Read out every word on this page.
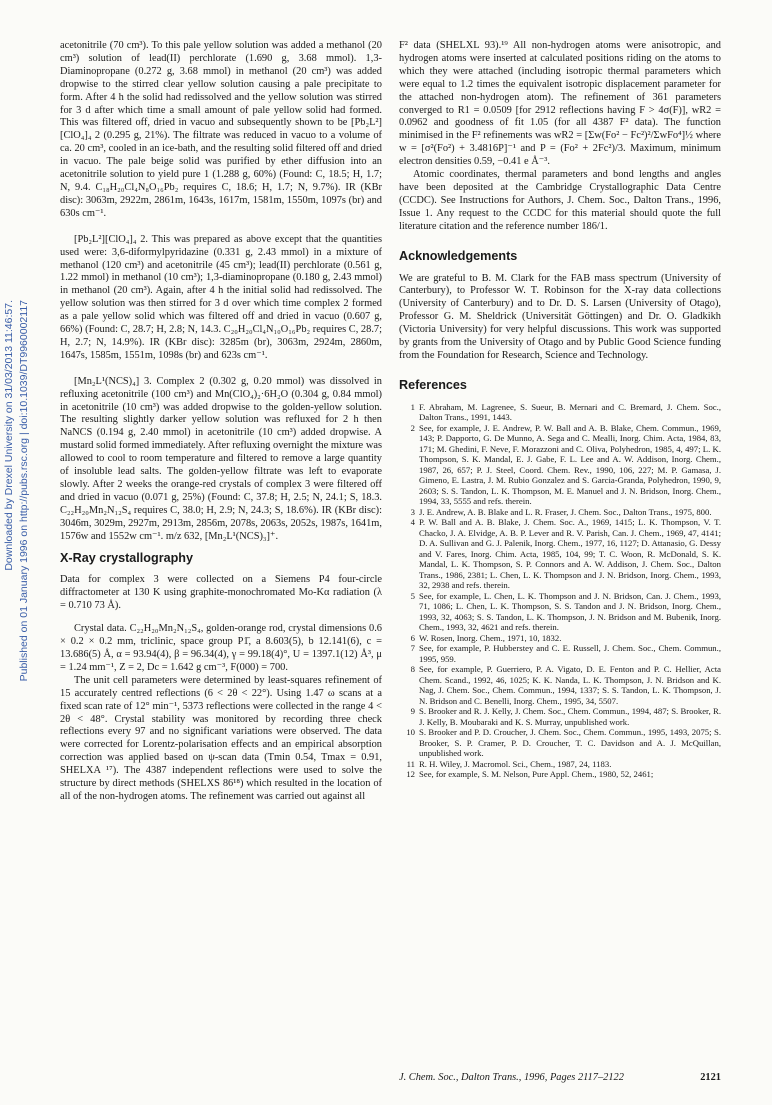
Downloaded by Drexel University on 31/03/2013 11:46:57. Published on 01 January 1996 on http://pubs.rsc.org | doi:10.1039/DT9960002117

acetonitrile (70 cm³). To this pale yellow solution was added a methanol (20 cm³) solution of lead(II) perchlorate (1.690 g, 3.68 mmol). 1,3-Diaminopropane (0.272 g, 3.68 mmol) in methanol (20 cm³) was added dropwise to the stirred clear yellow solution causing a pale precipitate to form. After 4 h the solid had redissolved and the yellow solution was stirred for 3 d after which time a small amount of pale yellow solid had formed. This was filtered off, dried in vacuo and subsequently shown to be [Pb₂L²][ClO₄]₄ 2 (0.295 g, 21%). The filtrate was reduced in vacuo to a volume of ca. 20 cm³, cooled in an ice-bath, and the resulting solid filtered off and dried in vacuo. The pale beige solid was purified by ether diffusion into an acetonitrile solution to yield pure 1 (1.288 g, 60%) (Found: C, 18.5; H, 1.7; N, 9.4. C₁₈H₂₀Cl₄N₈O₁₆Pb₂ requires C, 18.6; H, 1.7; N, 9.7%). IR (KBr disc): 3063m, 2922m, 2861m, 1643s, 1617m, 1581m, 1550m, 1097s (br) and 630s cm⁻¹.

[Pb₂L²][ClO₄]₄ 2. This was prepared as above except that the quantities used were: 3,6-diformylpyridazine (0.331 g, 2.43 mmol) in a mixture of methanol (120 cm³) and acetonitrile (45 cm³); lead(II) perchlorate (0.561 g, 1.22 mmol) in methanol (10 cm³); 1,3-diaminopropane (0.180 g, 2.43 mmol) in methanol (20 cm³). Again, after 4 h the initial solid had redissolved. The yellow solution was then stirred for 3 d over which time complex 2 formed as a pale yellow solid which was filtered off and dried in vacuo (0.607 g, 66%) (Found: C, 28.7; H, 2.8; N, 14.3. C₂₀H₂₀Cl₄N₁₀O₁₆Pb₂ requires C, 28.7; H, 2.7; N, 14.9%). IR (KBr disc): 3285m (br), 3063m, 2924m, 2860m, 1647s, 1585m, 1551m, 1098s (br) and 623s cm⁻¹.

[Mn₂L¹(NCS)₄] 3. Complex 2 (0.302 g, 0.20 mmol) was dissolved in refluxing acetonitrile (100 cm³) and Mn(ClO₄)₂·6H₂O (0.304 g, 0.84 mmol) in acetonitrile (10 cm³) was added dropwise to the golden-yellow solution. The resulting slightly darker yellow solution was refluxed for 2 h then NaNCS (0.194 g, 2.40 mmol) in acetonitrile (10 cm³) added dropwise. A mustard solid formed immediately. After refluxing overnight the mixture was allowed to cool to room temperature and filtered to remove a large quantity of insoluble lead salts. The golden-yellow filtrate was left to evaporate slowly. After 2 weeks the orange-red crystals of complex 3 were filtered off and dried in vacuo (0.071 g, 25%) (Found: C, 37.8; H, 2.5; N, 24.1; S, 18.3. C₂₂H₂₀Mn₂N₁₂S₄ requires C, 38.0; H, 2.9; N, 24.3; S, 18.6%). IR (KBr disc): 3046m, 3029m, 2927m, 2913m, 2856m, 2078s, 2063s, 2052s, 1987s, 1641m, 1576w and 1552w cm⁻¹. m/z 632, [Mn₂L¹(NCS)₃]⁺.

X-Ray crystallography

Data for complex 3 were collected on a Siemens P4 four-circle diffractometer at 130 K using graphite-monochromated Mo-Kα radiation (λ = 0.710 73 Å).

Crystal data. C₂₂H₂₀Mn₂N₁₂S₄, golden-orange rod, crystal dimensions 0.6 × 0.2 × 0.2 mm, triclinic, space group P1̄, a 8.603(5), b 12.141(6), c = 13.686(5) Å, α = 93.94(4), β = 96.34(4), γ = 99.18(4)°, U = 1397.1(12) Å³, μ = 1.24 mm⁻¹, Z = 2, Dc = 1.642 g cm⁻³, F(000) = 700.

The unit cell parameters were determined by least-squares refinement of 15 accurately centred reflections (6 < 2θ < 22°). Using 1.47 ω scans at a fixed scan rate of 12° min⁻¹, 5373 reflections were collected in the range 4 < 2θ < 48°. Crystal stability was monitored by recording three check reflections every 97 and no significant variations were observed. The data were corrected for Lorentz-polarisation effects and an empirical absorption correction was applied based on ψ-scan data (Tmin 0.54, Tmax = 0.91, SHELXA ¹⁷). The 4387 independent reflections were used to solve the structure by direct methods (SHELXS 86¹⁸) which resulted in the location of all of the non-hydrogen atoms. The refinement was carried out against all

F² data (SHELXL 93).¹⁹ All non-hydrogen atoms were anisotropic, and hydrogen atoms were inserted at calculated positions riding on the atoms to which they were attached (including isotropic thermal parameters which were equal to 1.2 times the equivalent isotropic displacement parameter for the attached non-hydrogen atom). The refinement of 361 parameters converged to R1 = 0.0509 [for 2912 reflections having F > 4σ(F)], wR2 = 0.0962 and goodness of fit 1.05 (for all 4387 F² data). The function minimised in the F² refinements was wR2 = [Σw(Fo² − Fc²)²/ΣwFo⁴]½ where w = [σ²(Fo²) + 3.4816P]⁻¹ and P = (Fo² + 2Fc²)/3. Maximum, minimum electron densities 0.59, −0.41 e Å⁻³.

Atomic coordinates, thermal parameters and bond lengths and angles have been deposited at the Cambridge Crystallographic Data Centre (CCDC). See Instructions for Authors, J. Chem. Soc., Dalton Trans., 1996, Issue 1. Any request to the CCDC for this material should quote the full literature citation and the reference number 186/1.

Acknowledgements

We are grateful to B. M. Clark for the FAB mass spectrum (University of Canterbury), to Professor W. T. Robinson for the X-ray data collections (University of Canterbury) and to Dr. D. S. Larsen (University of Otago), Professor G. M. Sheldrick (Universität Göttingen) and Dr. O. Gladkikh (Victoria University) for very helpful discussions. This work was supported by grants from the University of Otago and by Public Good Science funding from the Foundation for Research, Science and Technology.

References
1 F. Abraham, M. Lagrenee, S. Sueur, B. Mernari and C. Bremard, J. Chem. Soc., Dalton Trans., 1991, 1443.
2 See, for example, J. E. Andrew, P. W. Ball and A. B. Blake, Chem. Commun., 1969, 143; P. Dapporto, G. De Munno, A. Sega and C. Mealli, Inorg. Chim. Acta, 1984, 83, 171; M. Ghedini, F. Neve, F. Morazzoni and C. Oliva, Polyhedron, 1985, 4, 497; L. K. Thompson, S. K. Mandal, E. J. Gabe, F. L. Lee and A. W. Addison, Inorg. Chem., 1987, 26, 657; P. J. Steel, Coord. Chem. Rev., 1990, 106, 227; M. P. Gamasa, J. Gimeno, E. Lastra, J. M. Rubio Gonzalez and S. Garcia-Granda, Polyhedron, 1990, 9, 2603; S. S. Tandon, L. K. Thompson, M. E. Manuel and J. N. Bridson, Inorg. Chem., 1994, 33, 5555 and refs. therein.
3 J. E. Andrew, A. B. Blake and L. R. Fraser, J. Chem. Soc., Dalton Trans., 1975, 800.
4 P. W. Ball and A. B. Blake, J. Chem. Soc. A., 1969, 1415; L. K. Thompson, V. T. Chacko, J. A. Elvidge, A. B. P. Lever and R. V. Parish, Can. J. Chem., 1969, 47, 4141; D. A. Sullivan and G. J. Palenik, Inorg. Chem., 1977, 16, 1127; D. Attanasio, G. Dessy and V. Fares, Inorg. Chim. Acta, 1985, 104, 99; T. C. Woon, R. McDonald, S. K. Mandal, L. K. Thompson, S. P. Connors and A. W. Addison, J. Chem. Soc., Dalton Trans., 1986, 2381; L. Chen, L. K. Thompson and J. N. Bridson, Inorg. Chem., 1993, 32, 2938 and refs. therein.
5 See, for example, L. Chen, L. K. Thompson and J. N. Bridson, Can. J. Chem., 1993, 71, 1086; L. Chen, L. K. Thompson, S. S. Tandon and J. N. Bridson, Inorg. Chem., 1993, 32, 4063; S. S. Tandon, L. K. Thompson, J. N. Bridson and M. Bubenik, Inorg. Chem., 1993, 32, 4621 and refs. therein.
6 W. Rosen, Inorg. Chem., 1971, 10, 1832.
7 See, for example, P. Hubberstey and C. E. Russell, J. Chem. Soc., Chem. Commun., 1995, 959.
8 See, for example, P. Guerriero, P. A. Vigato, D. E. Fenton and P. C. Hellier, Acta Chem. Scand., 1992, 46, 1025; K. K. Nanda, L. K. Thompson, J. N. Bridson and K. Nag, J. Chem. Soc., Chem. Commun., 1994, 1337; S. S. Tandon, L. K. Thompson, J. N. Bridson and C. Benelli, Inorg. Chem., 1995, 34, 5507.
9 S. Brooker and R. J. Kelly, J. Chem. Soc., Chem. Commun., 1994, 487; S. Brooker, R. J. Kelly, B. Moubaraki and K. S. Murray, unpublished work.
10 S. Brooker and P. D. Croucher, J. Chem. Soc., Chem. Commun., 1995, 1493, 2075; S. Brooker, S. P. Cramer, P. D. Croucher, T. C. Davidson and A. J. McQuillan, unpublished work.
11 R. H. Wiley, J. Macromol. Sci., Chem., 1987, 24, 1183.
12 See, for example, S. M. Nelson, Pure Appl. Chem., 1980, 52, 2461;
J. Chem. Soc., Dalton Trans., 1996, Pages 2117–2122	2121
